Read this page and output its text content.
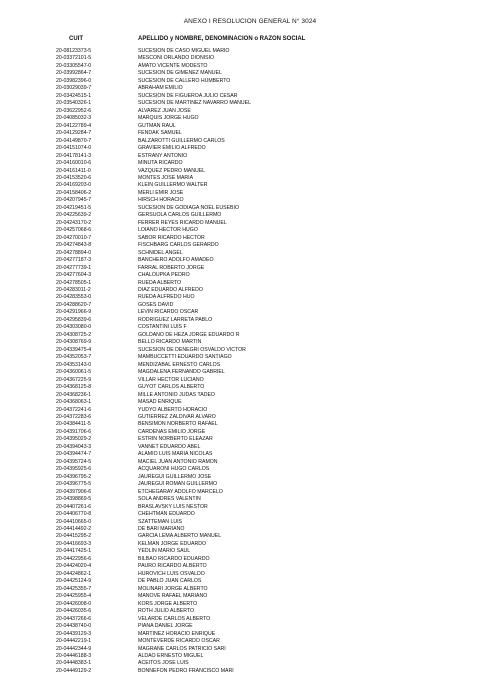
ANEXO I RESOLUCION GENERAL N° 3024
CUIT	APELLIDO y NOMBRE, DENOMINACION o RAZON SOCIAL
20-08123373-5	SUCESION DE CASO MIGUEL MARIO
20-03372101-5	MESCONI ORLANDO DIONISIO
20-03305547-0	AMATO VICENTE MODESTO
20-03992864-7	SUCESION DE GIMENEZ MANUEL
20-03982396-0	SUCESION DE CALLERO HUMBERTO
20-03029039-7	ABRAHAM EMILIO
20-03424515-1	SUCESION DE FIGUEROA JULIO CESAR
20-03540326-1	SUCESION DE MARTINEZ NAVARRO MANUEL
20-03622952-6	ALVAREZ JUAN JOSE
20-04085032-3	MARQUIS JORGE HUGO
20-04122789-4	GUTMAN RAUL
20-04129284-7	FENDAK SAMUEL
20-04149870-7	BALZAROTTI GUILLERMO CARLOS
20-04151074-0	GRAVIER EMILIO ALFREDO
20-04178141-3	ESTRANY ANTONIO
20-04160010-6	MINUTA RICARDO
20-04161411-0	VAZQUEZ PEDRO MANUEL
20-04153520-6	MONTES JOSE MARIA
20-04169203-0	KLEIN GUILLERMO WALTER
20-04158406-2	MERLI EMIR JOSE
20-04207945-7	HIRSCH HORACIO
20-04219451-5	SUCESION DE GODIAGA NOEL EUSEBIO
20-04225639-2	GERSUOLA CARLOS GUILLERMO
20-04243170-2	FERRER REYES RICARDO MANUEL
20-04257068-6	LOIANO HECTOR HUGO
20-04270010-7	SABOR RICARDO HECTOR
20-04274843-8	FISCHBARG CARLOS GERARDO
20-04278894-0	SCHNIDEL ANGEL
20-04277187-3	BANCHERO ADOLFO AMADEO
20-04277739-1	FARRAL ROBERTO JORGE
20-04277604-3	CHALOUPKA PEDRO
20-04278505-1	RUEDA ALBERTO
20-04283011-2	DIAZ EDUARDO ALFREDO
20-04283553-0	RUEDA ALFREDO HUO
20-04288620-7	GOSES DAVID
20-04291966-9	LEVIN RICARDO OSCAR
20-04295839-6	RODRIGUEZ LARRETA PABLO
20-04303080-0	COSTANTINI LUIS F
20-04308725-2	GOLDANO DE HEZA JORGE EDUARDO R
20-04308769-9	BELLO RICARDO MARTIN
20-04339475-4	SUCESION DE DENEGRI OSVALDO VICTOR
20-04352053-7	MAMBUCCETTI EDUARDO SANTIAGO
20-04353143-0	MENDIZABAL ERNESTO CARLOS
20-04360061-5	MAGDALENA FERNANDO GABRIEL
20-04367225-9	VILLAR HECTOR LUCIANO
20-04368125-8	GUYOT CARLOS ALBERTO
20-04368236-1	MILLE ANTONIO JUDAS TADEO
20-04368063-1	MASAD ENRIQUE
20-04372241-6	YUDYO ALBERTO HORACIO
20-04372283-6	GUTIERREZ ZALDIVAR ALVARO
20-04384411-5	BENSIMON NORBERTO RAFAEL
20-04391706-6	CARDENAS EMILIO JORGE
20-04395029-2	ESTRIN NORBERTO ELEAZAR
20-04394043-3	VANNET EDUARDO ABEL
20-04394474-7	ALAMIO LUIS MARIA NICOLAS
20-04395724-5	MACIEL JUAN ANTONIO RAMON
20-04395925-6	ACQUARONI HUGO CARLOS
20-04396795-2	JAUREGUI GUILLERMO JOSE
20-04396775-5	JAUREGUI ROMAN GUILLERMO
20-04397906-6	ETCHEGARAY ADOLFO MARCELO
20-04398869-5	SOLA ANDRES VALENTIN
20-04407261-6	BRASLAVSKY LUIS NESTOR
20-04406770-8	CHEHTMAN EDUARDO
20-04410665-0	SZATTEMAN LUIS
20-04414492-2	DE BARI MARIANO
20-04415295-2	GARCIA LEMA ALBERTO MANUEL
20-04416693-3	KELMAN JORGE EDUARDO
20-04417425-1	YEDLIN MARIO SAUL
20-04422956-6	BILBAO RICARDO EDUARDO
20-04424020-4	PAURO RICARDO ALBERTO
20-04424862-1	HUROVICH LUIS OSVALDO
20-04425124-9	DE PABLO JUAN CARLOS
20-04425355-7	MOLINARI JORGE ALBERTO
20-04425955-4	MANOVE RAFAEL MARIANO
20-04426008-0	KORS JORGE ALBERTO
20-04426035-6	ROTH JULIO ALBERTO
20-04437266-6	VELARDE CARLOS ALBERTO
20-04438740-0	PIANA DANIEL JORGE
20-04439129-3	MARTINEZ HORACIO ENRIQUE
20-04442219-1	MONTEVERDE RICARDO OSCAR
20-04442344-9	MAGRANE CARLOS PATRICIO SARI
20-04446188-3	ALDAO ERNESTO MIGUEL
20-04448383-1	ACEITOS JOSE LUIS
20-04449129-2	BONNEFON PEDRO FRANCISCO MARI
